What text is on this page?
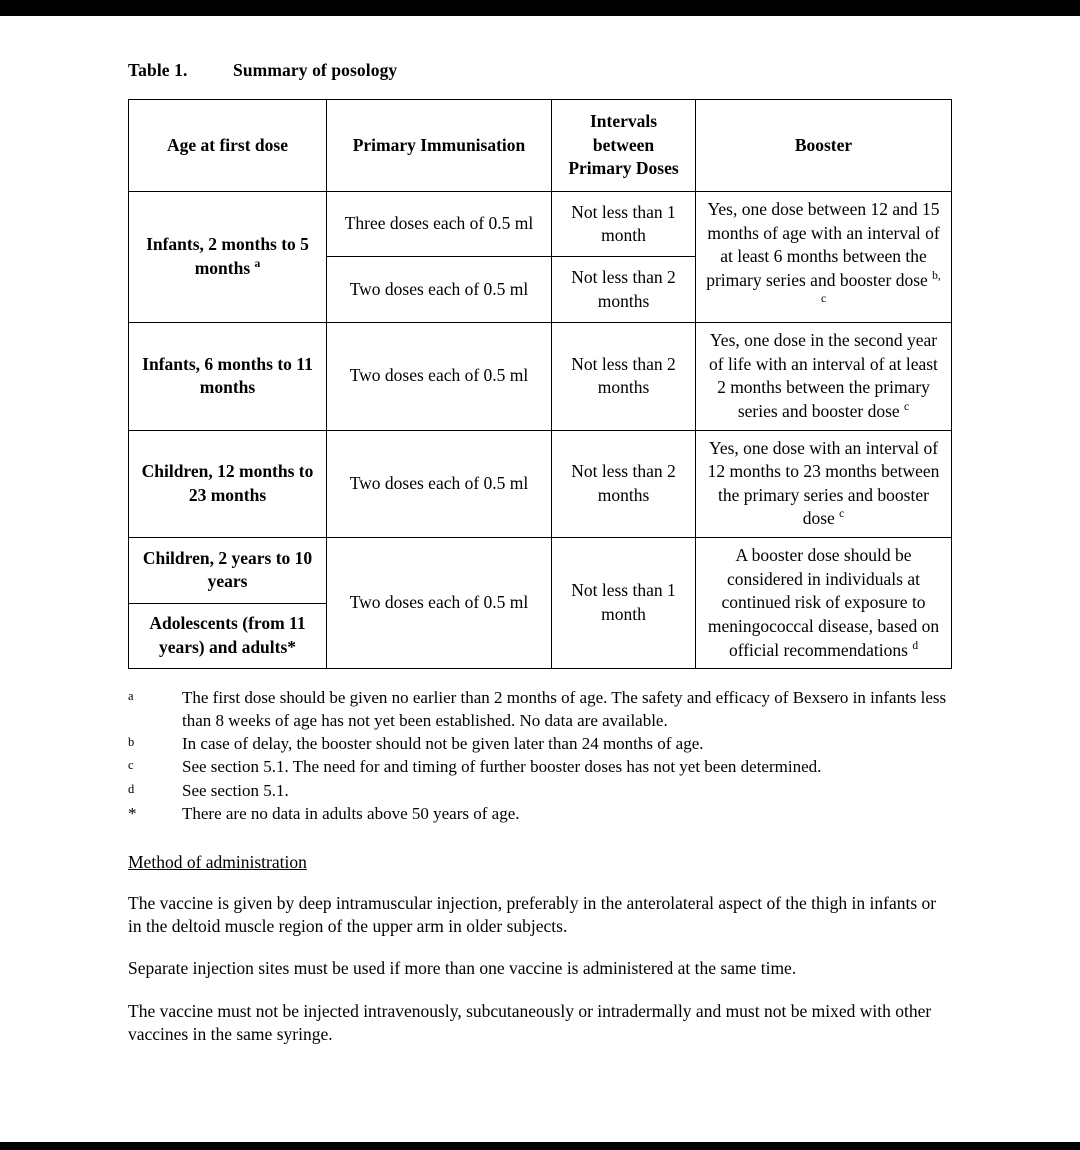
Table 1.	Summary of posology
Age at first dose	Primary Immunisation	Intervals
between
Primary Doses	Booster
Infants, 2 months to 5 months $^a$	Three doses each of 0.5 ml	Not less than 1 month	Yes, one dose between 12 and 15 months of age with an interval of at least 6 months between the primary series and booster dose $^{b, c}$
	Two doses each of 0.5 ml	Not less than 2 months	
Infants, 6 months to 11 months	Two doses each of 0.5 ml	Not less than 2 months	Yes, one dose in the second year of life with an interval of at least 2 months between the primary series and booster dose $^c$
Children, 12 months to 23 months	Two doses each of 0.5 ml	Not less than 2 months	Yes, one dose with an interval of 12 months to 23 months between the primary series and booster dose $^c$
Children, 2 years to 10 years	Two doses each of 0.5 ml	Not less than 1 month	A booster dose should be considered in individuals at continued risk of exposure to meningococcal disease, based on official recommendations $^d$
Adolescents (from 11 years) and adults*			
a	The first dose should be given no earlier than 2 months of age. The safety and efficacy of Bexsero in infants less than 8 weeks of age has not yet been established. No data are available.
b	In case of delay, the booster should not be given later than 24 months of age.
c	See section 5.1. The need for and timing of further booster doses has not yet been determined.
d	See section 5.1.
*	There are no data in adults above 50 years of age.
Method of administration

The vaccine is given by deep intramuscular injection, preferably in the anterolateral aspect of the thigh in infants or in the deltoid muscle region of the upper arm in older subjects.

Separate injection sites must be used if more than one vaccine is administered at the same time.

The vaccine must not be injected intravenously, subcutaneously or intradermally and must not be mixed with other vaccines in the same syringe.
